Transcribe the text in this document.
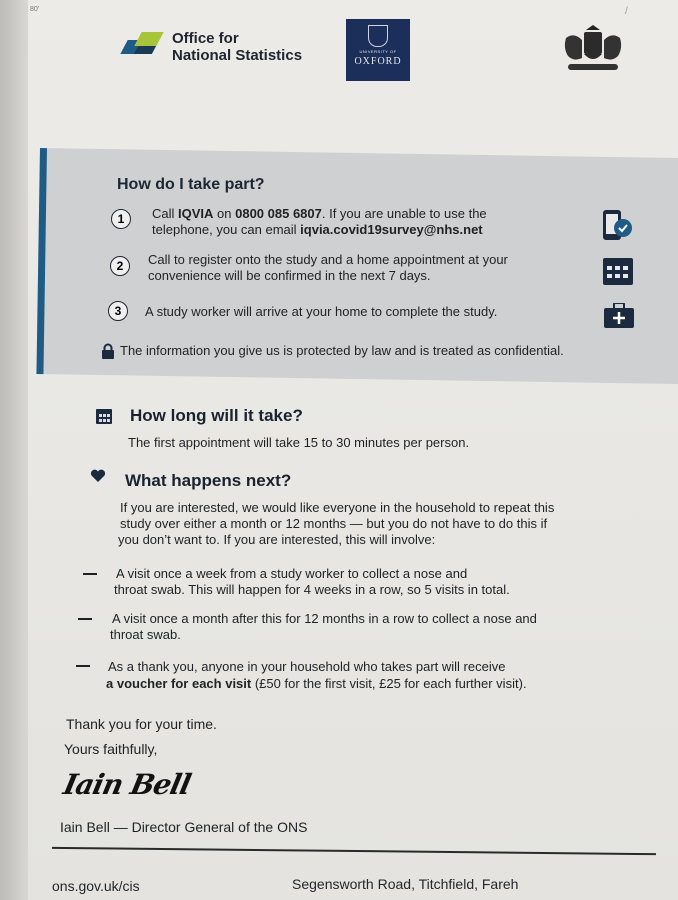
80'	/
Office for
National Statistics	UNIVERSITY OF
OXFORD
How do I take part?
1	Call IQVIA on 0800 085 6807. If you are unable to use the
telephone, you can email iqvia.covid19survey@nhs.net
2	Call to register onto the study and a home appointment at your
convenience will be confirmed in the next 7 days.
3	A study worker will arrive at your home to complete the study.
The information you give us is protected by law and is treated as confidential.
How long will it take?
The first appointment will take 15 to 30 minutes per person.
What happens next?
If you are interested, we would like everyone in the household to repeat this
study over either a month or 12 months — but you do not have to do this if
you don’t want to. If you are interested, this will involve:
A visit once a week from a study worker to collect a nose and
throat swab. This will happen for 4 weeks in a row, so 5 visits in total.
A visit once a month after this for 12 months in a row to collect a nose and
throat swab.
As a thank you, anyone in your household who takes part will receive
a voucher for each visit (£50 for the first visit, £25 for each further visit).
Thank you for your time.
Yours faithfully,
Iain Bell
Iain Bell — Director General of the ONS
ons.gov.uk/cis	Segensworth Road, Titchfield, Fareh
